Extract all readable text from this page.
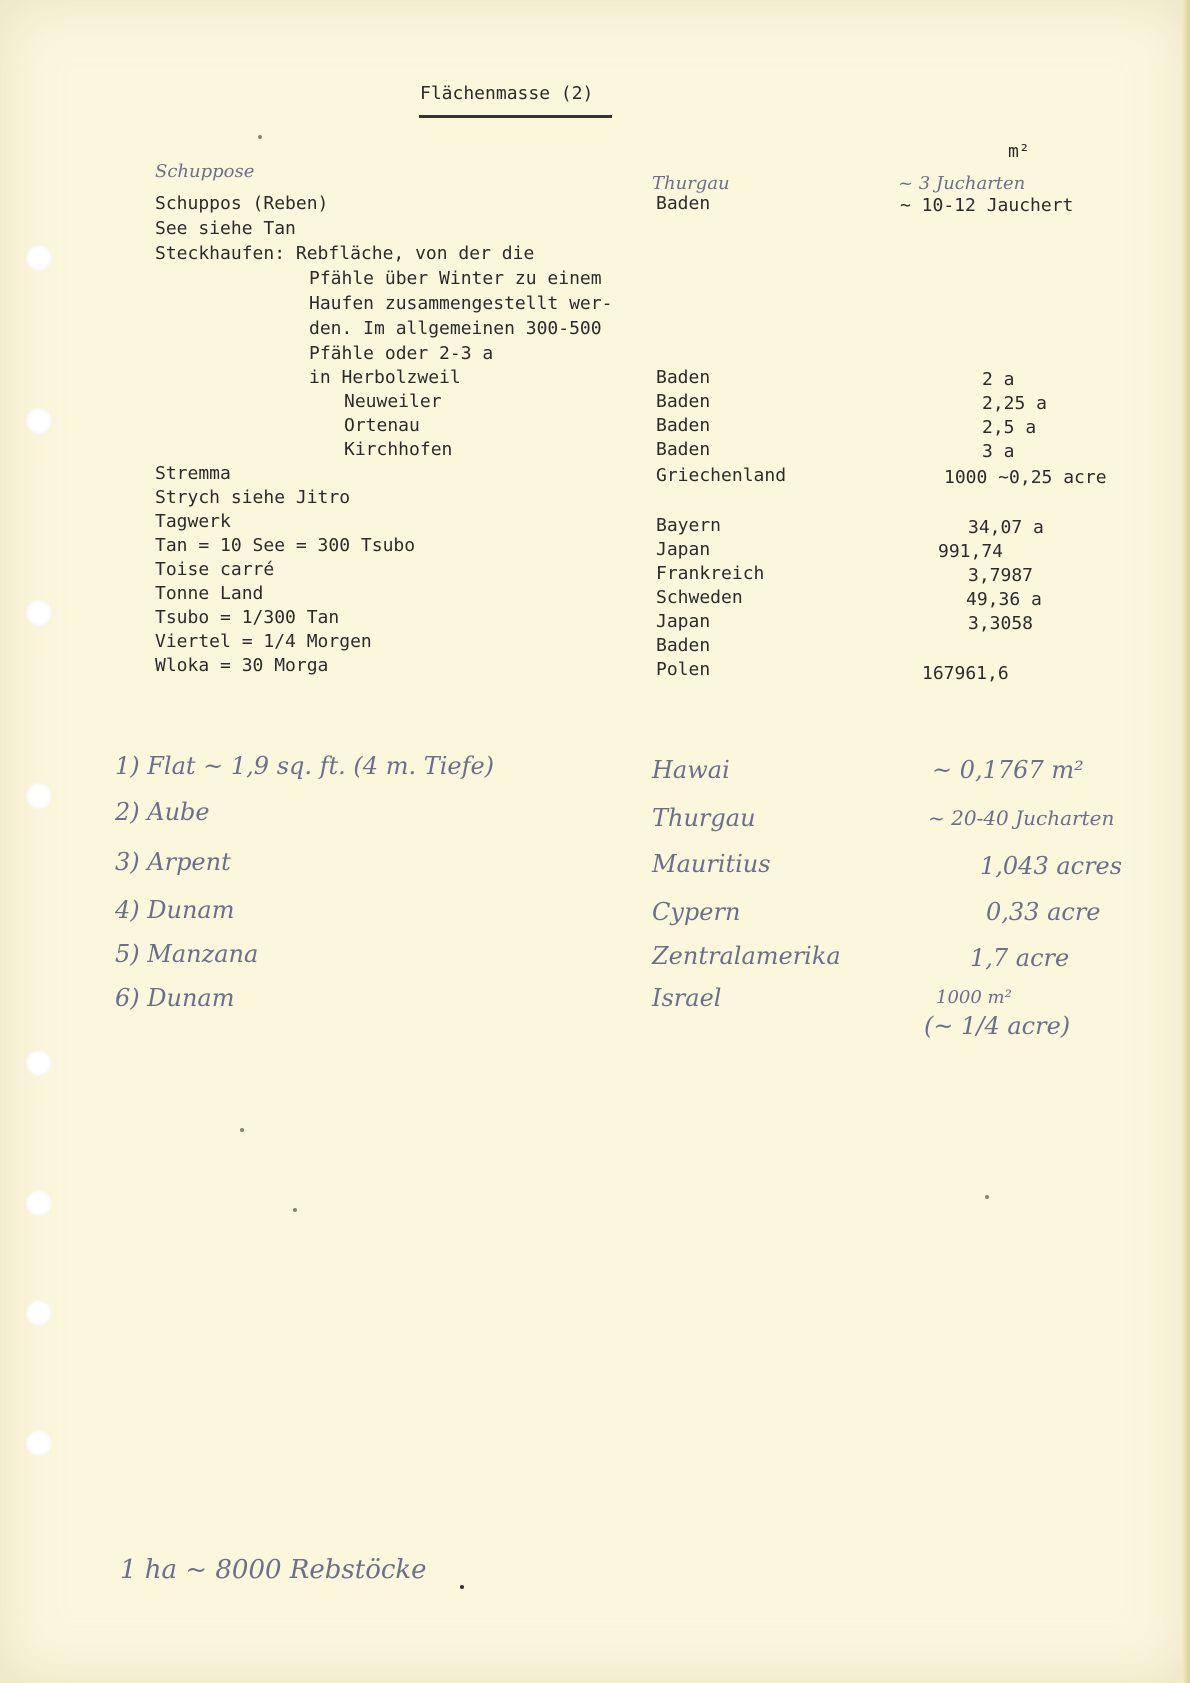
Flächenmasse (2)
m²
Schuppose
Thurgau	~ 3 Jucharten
Schuppos (Reben)	Baden	~ 10-12 Jauchert
See siehe Tan
Steckhaufen: Rebfläche, von der die
Pfähle über Winter zu einem
Haufen zusammengestellt wer-
den. Im allgemeinen 300-500
Pfähle oder 2-3 a
in Herbolzweil	Baden	2 a
Neuweiler	Baden	2,25 a
Ortenau	Baden	2,5 a
Kirchhofen	Baden	3 a
Stremma	Griechenland	1000 ~0,25 acre
Strych siehe Jitro
Tagwerk	Bayern	34,07 a
Tan = 10 See = 300 Tsubo	Japan	991,74
Toise carré	Frankreich	3,7987
Tonne Land	Schweden	49,36 a
Tsubo = 1/300 Tan	Japan	3,3058
Viertel = 1/4 Morgen	Baden
Wloka = 30 Morga	Polen	167961,6
1) Flat ~ 1,9 sq. ft. (4 m. Tiefe)	Hawai	~ 0,1767 m²
2) Aube	Thurgau	~ 20-40 Jucharten
3) Arpent	Mauritius	1,043 acres
4) Dunam	Cypern	0,33 acre
5) Manzana	Zentralamerika	1,7 acre
6) Dunam	Israel	1000 m²
(~ 1/4 acre)
1 ha ~ 8000 Rebstöcke
